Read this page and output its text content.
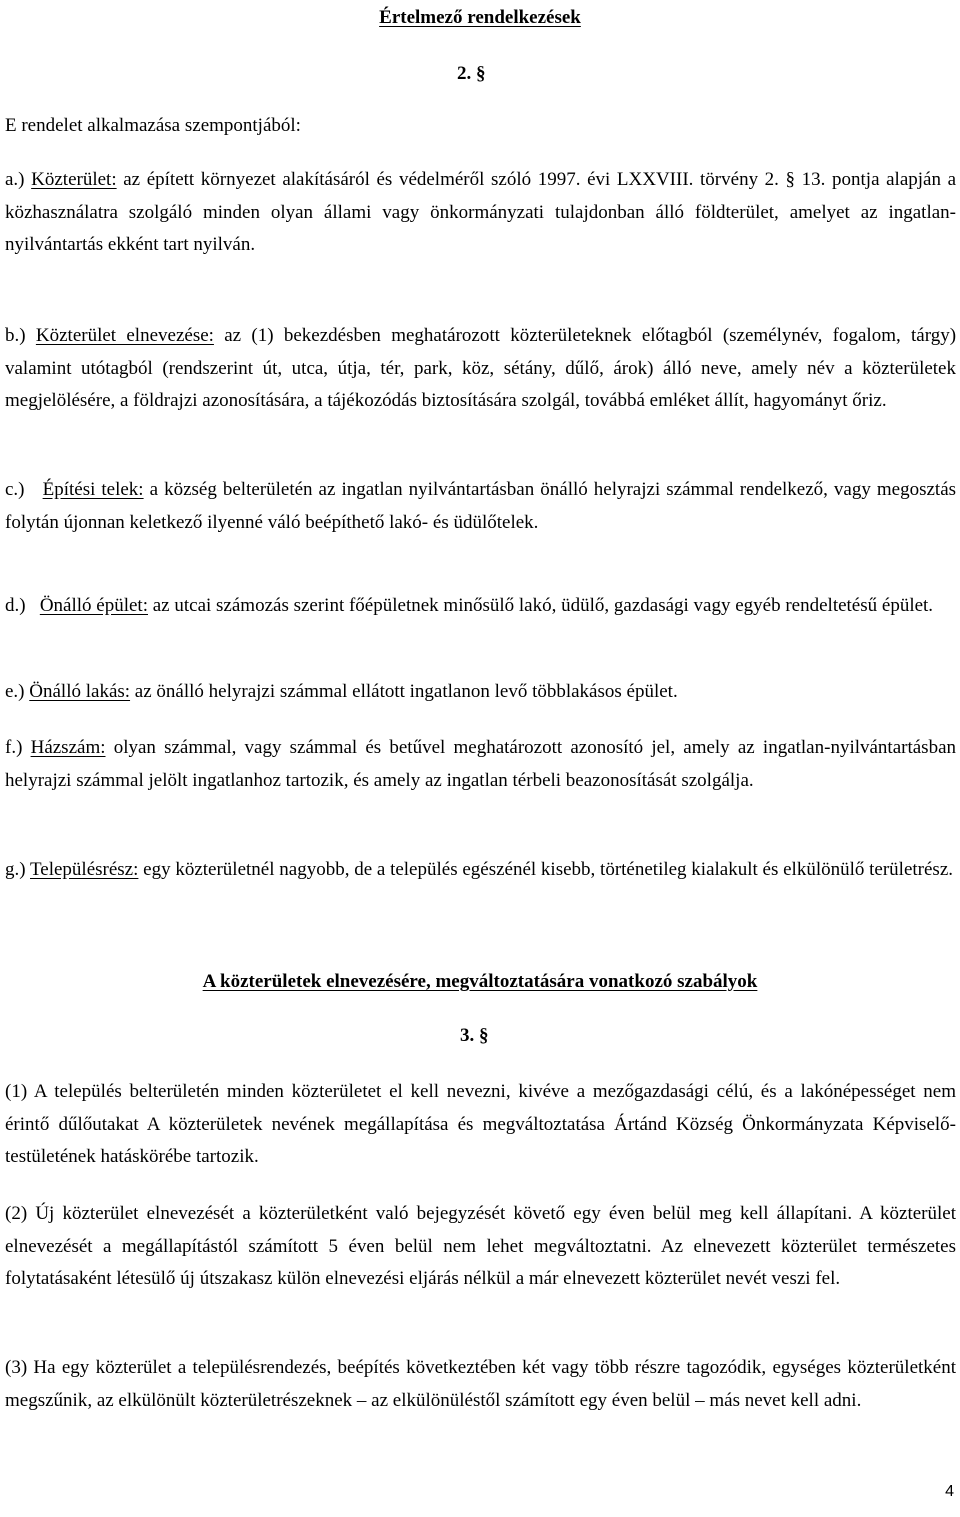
Értelmező rendelkezések
2. §
E rendelet alkalmazása szempontjából:
a.) Közterület: az épített környezet alakításáról és védelméről szóló 1997. évi LXXVIII. törvény 2. § 13. pontja alapján a közhasználatra szolgáló minden olyan állami vagy önkormányzati tulajdonban álló földterület, amelyet az ingatlan-nyilvántartás ekként tart nyilván.
b.) Közterület elnevezése: az (1) bekezdésben meghatározott közterületeknek előtagból (személynév, fogalom, tárgy) valamint utótagból (rendszerint út, utca, útja, tér, park, köz, sétány, dűlő, árok) álló neve, amely név a közterületek megjelölésére, a földrajzi azonosítására, a tájékozódás biztosítására szolgál, továbbá emléket állít, hagyományt őriz.
c.) Építési telek: a község belterületén az ingatlan nyilvántartásban önálló helyrajzi számmal rendelkező, vagy megosztás folytán újonnan keletkező ilyenné váló beépíthető lakó- és üdülőtelek.
d.) Önálló épület: az utcai számozás szerint főépületnek minősülő lakó, üdülő, gazdasági vagy egyéb rendeltetésű épület.
e.) Önálló lakás: az önálló helyrajzi számmal ellátott ingatlanon levő többlakásos épület.
f.) Házszám: olyan számmal, vagy számmal és betűvel meghatározott azonosító jel, amely az ingatlan-nyilvántartásban helyrajzi számmal jelölt ingatlanhoz tartozik, és amely az ingatlan térbeli beazonosítását szolgálja.
g.) Településrész: egy közterületnél nagyobb, de a település egészénél kisebb, történetileg kialakult és elkülönülő területrész.
A közterületek elnevezésére, megváltoztatására vonatkozó szabályok
3. §
(1) A település belterületén minden közterületet el kell nevezni, kivéve a mezőgazdasági célú, és a lakónépességet nem érintő dűlőutakat A közterületek nevének megállapítása és megváltoztatása Ártánd Község Önkormányzata Képviselő-testületének hatáskörébe tartozik.
(2) Új közterület elnevezését a közterületként való bejegyzését követő egy éven belül meg kell állapítani. A közterület elnevezését a megállapítástól számított 5 éven belül nem lehet megváltoztatni. Az elnevezett közterület természetes folytatásaként létesülő új útszakasz külön elnevezési eljárás nélkül a már elnevezett közterület nevét veszi fel.
(3) Ha egy közterület a településrendezés, beépítés következtében két vagy több részre tagozódik, egységes közterületként megszűnik, az elkülönült közterületrészeknek – az elkülönüléstől számított egy éven belül – más nevet kell adni.
4
